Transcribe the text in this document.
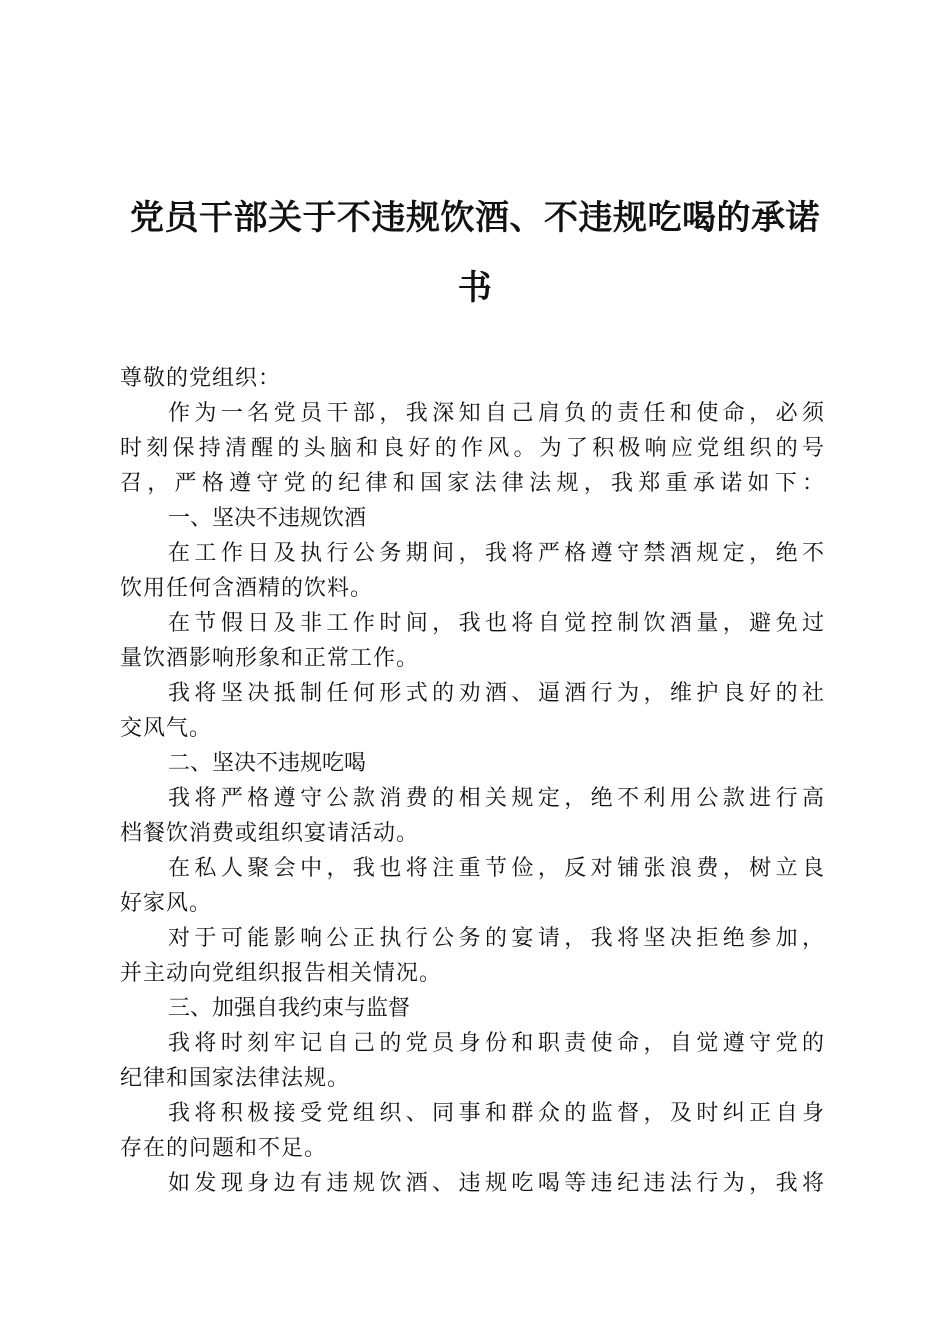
党员干部关于不违规饮酒、不违规吃喝的承诺
书
尊敬的党组织：
作为一名党员干部，我深知自己肩负的责任和使命，必须
时刻保持清醒的头脑和良好的作风。为了积极响应党组织的号
召，严格遵守党的纪律和国家法律法规，我郑重承诺如下：
一、坚决不违规饮酒
在工作日及执行公务期间，我将严格遵守禁酒规定，绝不
饮用任何含酒精的饮料。
在节假日及非工作时间，我也将自觉控制饮酒量，避免过
量饮酒影响形象和正常工作。
我将坚决抵制任何形式的劝酒、逼酒行为，维护良好的社
交风气。
二、坚决不违规吃喝
我将严格遵守公款消费的相关规定，绝不利用公款进行高
档餐饮消费或组织宴请活动。
在私人聚会中，我也将注重节俭，反对铺张浪费，树立良
好家风。
对于可能影响公正执行公务的宴请，我将坚决拒绝参加，
并主动向党组织报告相关情况。
三、加强自我约束与监督
我将时刻牢记自己的党员身份和职责使命，自觉遵守党的
纪律和国家法律法规。
我将积极接受党组织、同事和群众的监督，及时纠正自身
存在的问题和不足。
如发现身边有违规饮酒、违规吃喝等违纪违法行为，我将
